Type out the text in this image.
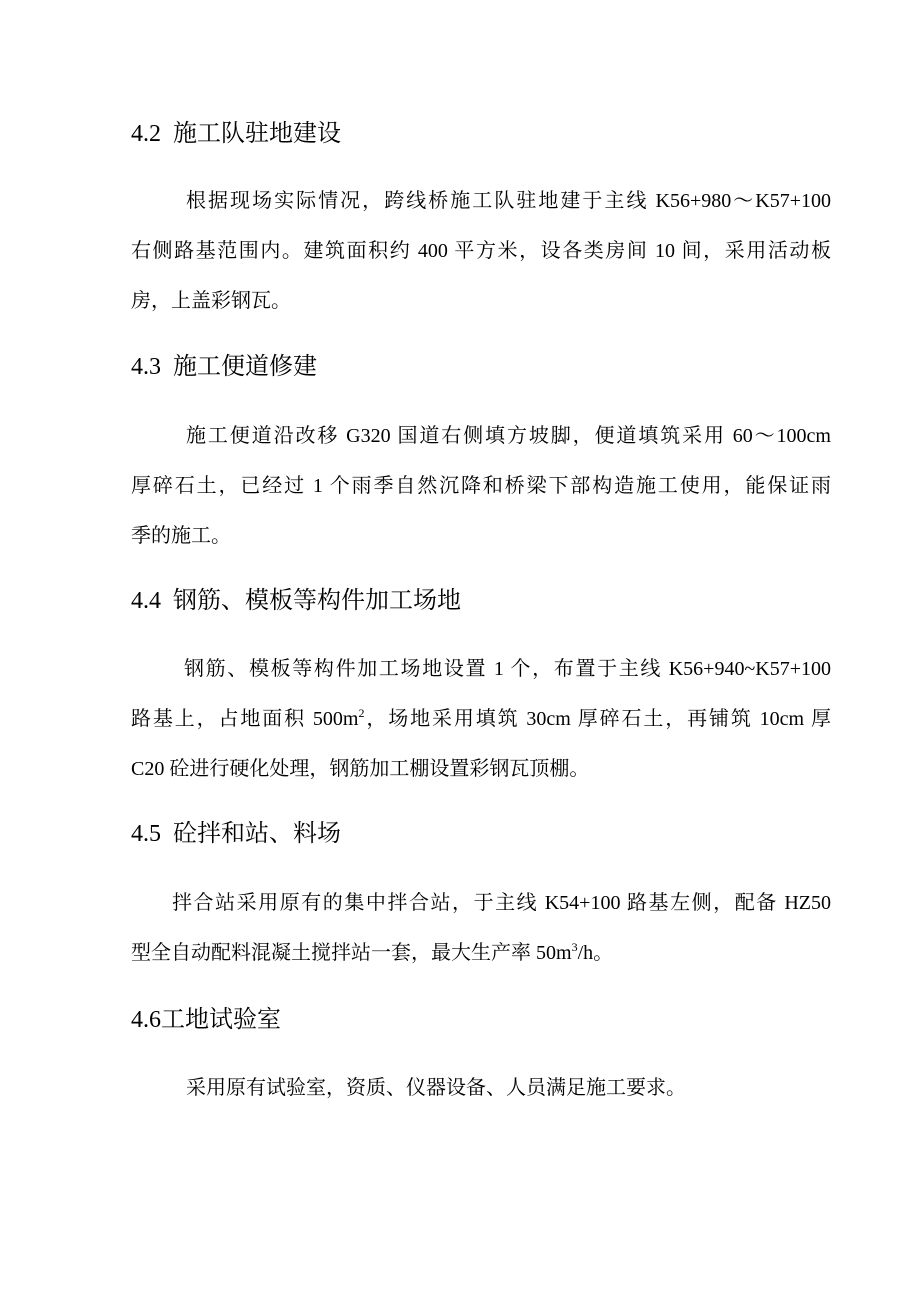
4.2 施工队驻地建设
根据现场实际情况，跨线桥施工队驻地建于主线 K56+980～K57+100
右侧路基范围内。建筑面积约 400 平方米，设各类房间 10 间，采用活动板
房，上盖彩钢瓦。
4.3 施工便道修建
施工便道沿改移 G320 国道右侧填方坡脚，便道填筑采用 60～100cm
厚碎石土，已经过 1 个雨季自然沉降和桥梁下部构造施工使用，能保证雨
季的施工。
4.4 钢筋、模板等构件加工场地
钢筋、模板等构件加工场地设置 1 个，布置于主线 K56+940~K57+100
路基上，占地面积 $500m^2$，场地采用填筑 30cm 厚碎石土，再铺筑 10cm 厚
C20 砼进行硬化处理，钢筋加工棚设置彩钢瓦顶棚。
4.5 砼拌和站、料场
拌合站采用原有的集中拌合站，于主线 K54+100 路基左侧，配备 HZ50
型全自动配料混凝土搅拌站一套，最大生产率 $50m^3/h$。
4.6工地试验室
采用原有试验室，资质、仪器设备、人员满足施工要求。
